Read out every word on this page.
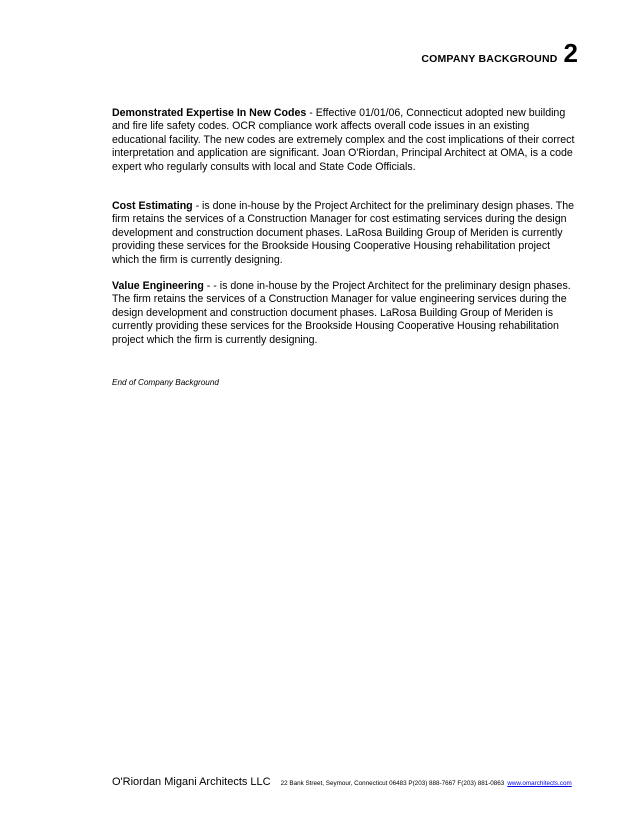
COMPANY BACKGROUND 2

Demonstrated Expertise In New Codes - Effective 01/01/06, Connecticut adopted new building and fire life safety codes. OCR compliance work affects overall code issues in an existing educational facility. The new codes are extremely complex and the cost implications of their correct interpretation and application are significant. Joan O'Riordan, Principal Architect at OMA, is a code expert who regularly consults with local and State Code Officials.

Cost Estimating - is done in-house by the Project Architect for the preliminary design phases. The firm retains the services of a Construction Manager for cost estimating services during the design development and construction document phases. LaRosa Building Group of Meriden is currently providing these services for the Brookside Housing Cooperative Housing rehabilitation project which the firm is currently designing.

Value Engineering - - is done in-house by the Project Architect for the preliminary design phases. The firm retains the services of a Construction Manager for value engineering services during the design development and construction document phases. LaRosa Building Group of Meriden is currently providing these services for the Brookside Housing Cooperative Housing rehabilitation project which the firm is currently designing.

End of Company Background

O'Riordan Migani Architects LLC 22 Bank Street, Seymour, Connecticut 06483 P(203) 888-7667 F(203) 881-0863 www.omarchitects.com
